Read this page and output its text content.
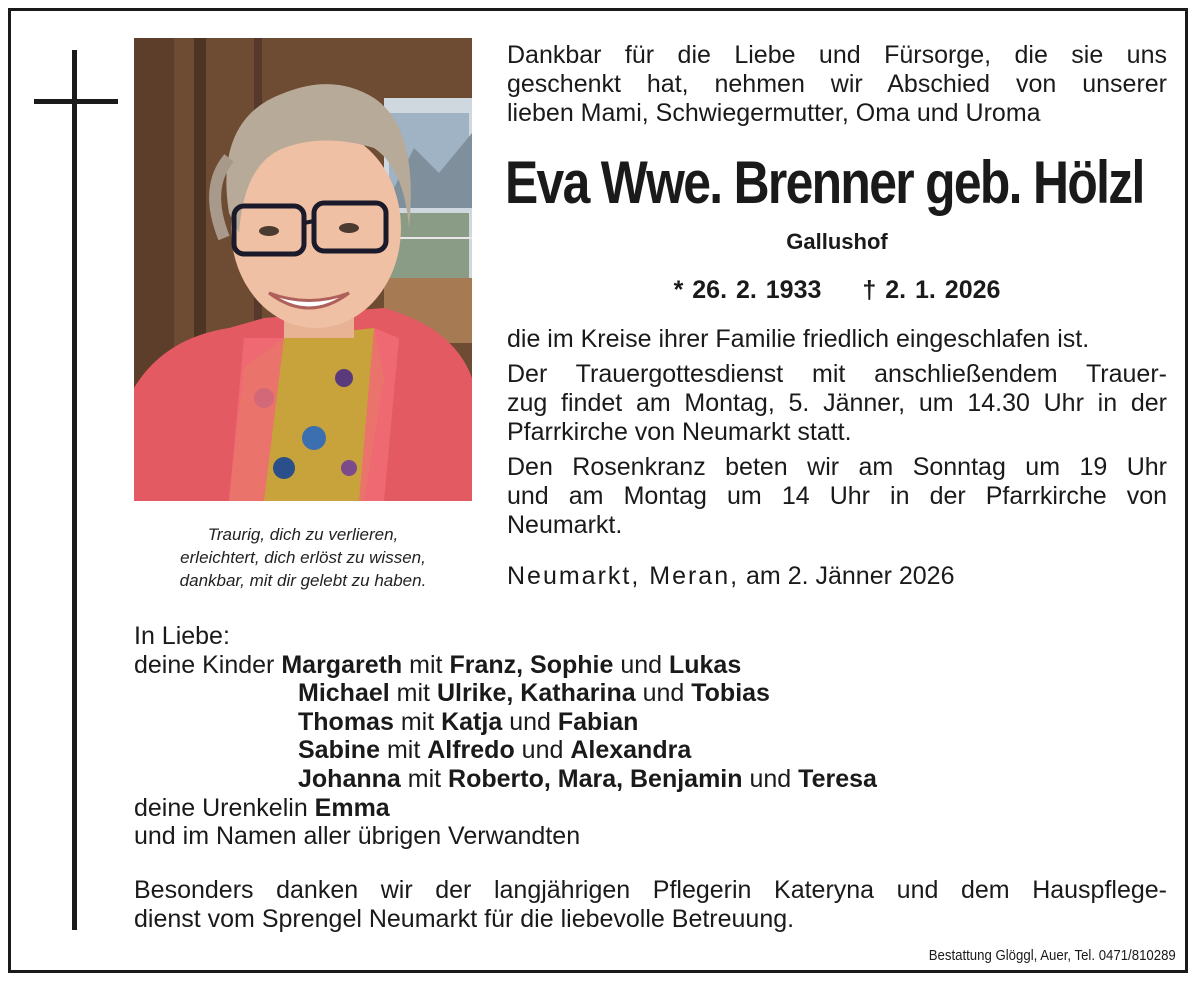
Traurig, dich zu verlieren,
erleichtert, dich erlöst zu wissen,
dankbar, mit dir gelebt zu haben.
Dankbar für die Liebe und Fürsorge, die sie uns
geschenkt hat, nehmen wir Abschied von unserer
lieben Mami, Schwiegermutter, Oma und Uroma
Eva Wwe. Brenner geb. Hölzl
Gallushof
* 26. 2. 1933 † 2. 1. 2026

die im Kreise ihrer Familie friedlich eingeschlafen ist.

Der Trauergottesdienst mit anschließendem Trauer-
zug findet am Montag, 5. Jänner, um 14.30 Uhr in der
Pfarrkirche von Neumarkt statt.

Den Rosenkranz beten wir am Sonntag um 19 Uhr
und am Montag um 14 Uhr in der Pfarrkirche von
Neumarkt.

Neumarkt, Meran, am 2. Jänner 2026
In Liebe:
deine Kinder Margareth mit Franz, Sophie und Lukas
Michael mit Ulrike, Katharina und Tobias
Thomas mit Katja und Fabian
Sabine mit Alfredo und Alexandra
Johanna mit Roberto, Mara, Benjamin und Teresa
deine Urenkelin Emma
und im Namen aller übrigen Verwandten
Besonders danken wir der langjährigen Pflegerin Kateryna und dem Hauspflege-
dienst vom Sprengel Neumarkt für die liebevolle Betreuung.
Bestattung Glöggl, Auer, Tel. 0471/810289
